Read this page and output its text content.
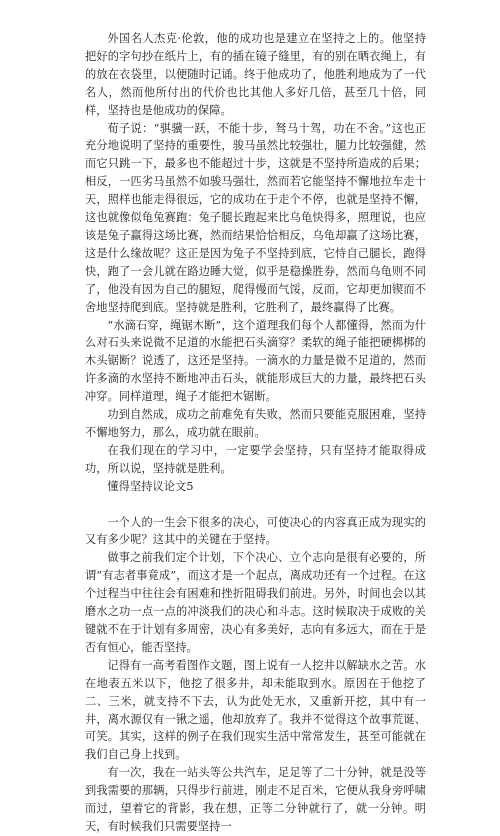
外国名人杰克·伦敦，他的成功也是建立在坚持之上的。他坚持把好的字句抄在纸片上，有的插在镜子缝里，有的别在晒衣绳上，有的放在衣袋里，以便随时记诵。终于他成功了，他胜利地成为了一代名人，然而他所付出的代价也比其他人多好几倍，甚至几十倍，同样，坚持也是他成功的保障。

荀子说：“骐骥一跃，不能十步，驽马十驾，功在不舍。”这也正充分地说明了坚持的重要性，骏马虽然比较强壮，腿力比较强健，然而它只跳一下，最多也不能超过十步，这就是不坚持所造成的后果；相反，一匹劣马虽然不如骏马强壮，然而若它能坚持不懈地拉车走十天，照样也能走得很远，它的成功在于走个不停，也就是坚持不懈，这也就像似龟兔赛跑：兔子腿长跑起来比乌龟快得多，照理说，也应该是兔子赢得这场比赛，然而结果恰恰相反，乌龟却赢了这场比赛，这是什么缘故呢？这正是因为兔子不坚持到底，它恃自己腿长，跑得快，跑了一会儿就在路边睡大觉，似乎是稳操胜券，然而乌龟则不同了，他没有因为自己的腿短，爬得慢而气馁，反而，它却更加锲而不舍地坚持爬到底。坚持就是胜利，它胜利了，最终赢得了比赛。

“水滴石穿，绳锯木断”，这个道理我们每个人都懂得，然而为什么对石头来说微不足道的水能把石头滴穿？柔软的绳子能把硬梆梆的木头锯断？说透了，这还是坚持。一滴水的力量是微不足道的，然而许多滴的水坚持不断地冲击石头，就能形成巨大的力量，最终把石头冲穿。同样道理，绳子才能把木锯断。

功到自然成，成功之前难免有失败，然而只要能克服困难，坚持不懈地努力，那么，成功就在眼前。

在我们现在的学习中，一定要学会坚持，只有坚持才能取得成功，所以说，坚持就是胜利。

懂得坚持议论文5

一个人的一生会下很多的决心，可使决心的内容真正成为现实的又有多少呢？这其中的关键在于坚持。

做事之前我们定个计划，下个决心、立个志向是很有必要的，所谓“有志者事竟成”，而这才是一个起点，离成功还有一个过程。在这个过程当中往往会有困难和挫折阻碍我们前进。另外，时间也会以其磨水之功一点一点的冲淡我们的决心和斗志。这时候取决于成败的关键就不在于计划有多周密，决心有多美好，志向有多远大，而在于是否有恒心，能否坚持。

记得有一高考看图作文题，图上说有一人挖井以解缺水之苦。水在地表五米以下，他挖了很多井，却未能取到水。原因在于他挖了二、三米，就支持不下去，认为此处无水，又重新开挖，其中有一井，离水源仅有一锹之遥，他却放弃了。我并不觉得这个故事荒诞、可笑。其实，这样的例子在我们现实生活中常常发生，甚至可能就在我们自己身上找到。

有一次，我在一站头等公共汽车，足足等了二十分钟，就是没等到我需要的那辆，只得步行前进，刚走不足百米，它便从我身旁呼啸而过，望着它的背影，我在想，正等二分钟就行了，就一分钟。明天，有时候我们只需要坚持一
